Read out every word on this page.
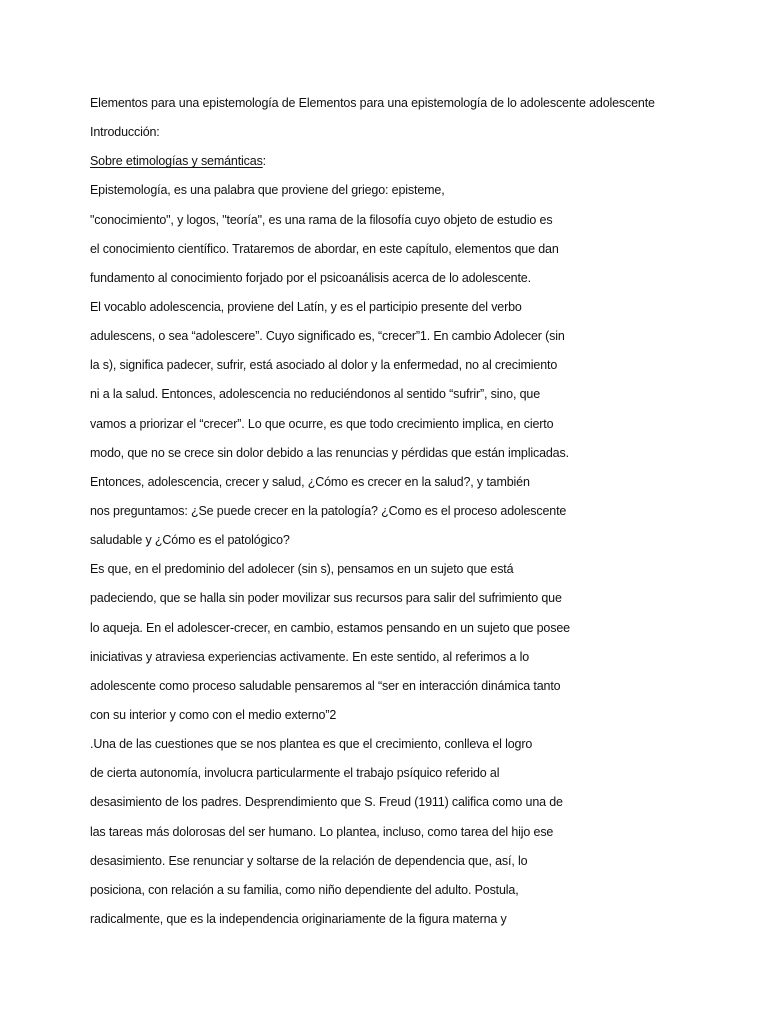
Elementos para una epistemología de Elementos para una epistemología de lo adolescente adolescente
Introducción:
Sobre etimologías y semánticas:
Epistemología, es una palabra que proviene del griego: episteme,
"conocimiento", y logos, "teoría", es una rama de la filosofía cuyo objeto de estudio es
el conocimiento científico. Trataremos de abordar, en este capítulo, elementos que dan
fundamento al conocimiento forjado por el psicoanálisis acerca de lo adolescente.
El vocablo adolescencia, proviene del Latín, y es el participio presente del verbo
adulescens, o sea “adolescere”. Cuyo significado es, “crecer”1. En cambio Adolecer (sin
la s), significa padecer, sufrir, está asociado al dolor y la enfermedad, no al crecimiento
ni a la salud. Entonces, adolescencia no reduciéndonos al sentido “sufrir”, sino, que
vamos a priorizar el “crecer”. Lo que ocurre, es que todo crecimiento implica, en cierto
modo, que no se crece sin dolor debido a las renuncias y pérdidas que están implicadas.
Entonces, adolescencia, crecer y salud, ¿Cómo es crecer en la salud?, y también
nos preguntamos: ¿Se puede crecer en la patología? ¿Como es el proceso adolescente
saludable y ¿Cómo es el patológico?
Es que, en el predominio del adolecer (sin s), pensamos en un sujeto que está
padeciendo, que se halla sin poder movilizar sus recursos para salir del sufrimiento que
lo aqueja. En el adolescer-crecer, en cambio, estamos pensando en un sujeto que posee
iniciativas y atraviesa experiencias activamente. En este sentido, al referimos a lo
adolescente como proceso saludable pensaremos al “ser en interacción dinámica tanto
con su interior y como con el medio externo”2
.Una de las cuestiones que se nos plantea es que el crecimiento, conlleva el logro
de cierta autonomía, involucra particularmente el trabajo psíquico referido al
desasimiento de los padres. Desprendimiento que S. Freud (1911) califica como una de
las tareas más dolorosas del ser humano. Lo plantea, incluso, como tarea del hijo ese
desasimiento. Ese renunciar y soltarse de la relación de dependencia que, así, lo
posiciona, con relación a su familia, como niño dependiente del adulto. Postula,
radicalmente, que es la independencia originariamente de la figura materna y
